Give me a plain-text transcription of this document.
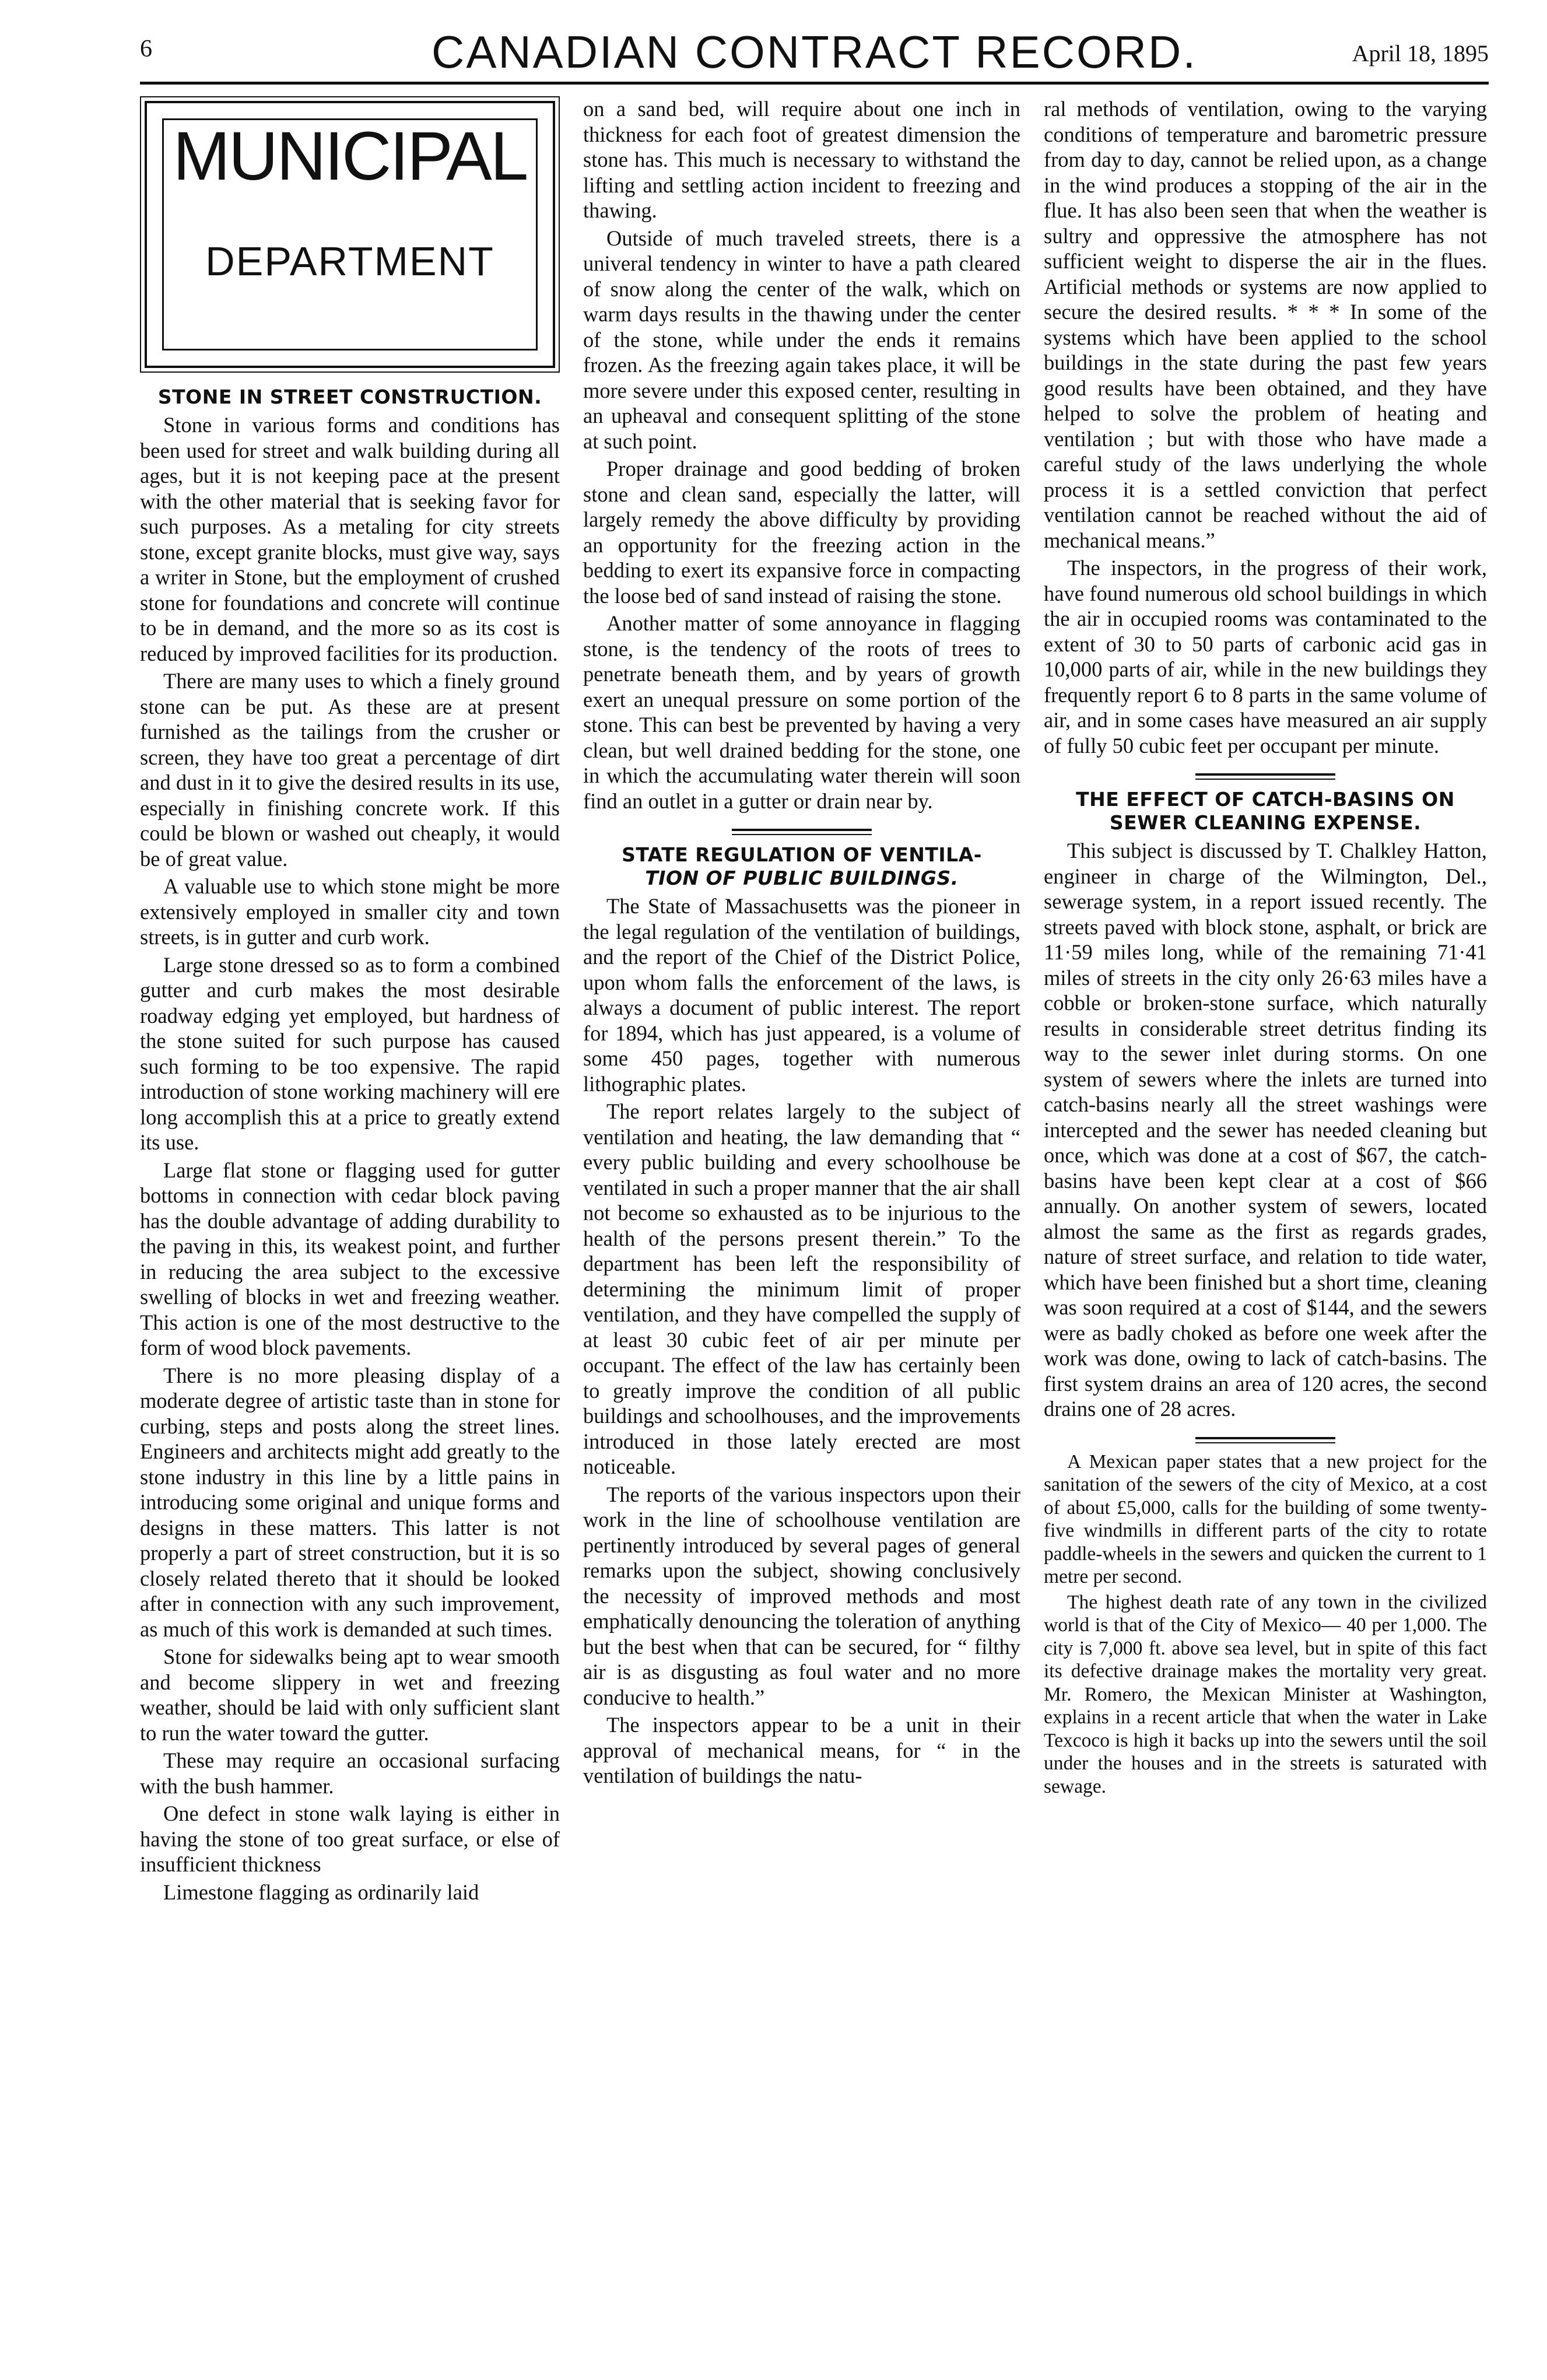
6	CANADIAN CONTRACT RECORD.	April 18, 1895
MUNICIPAL
DEPARTMENT
STONE IN STREET CONSTRUCTION.

Stone in various forms and conditions has been used for street and walk building during all ages, but it is not keeping pace at the present with the other material that is seeking favor for such purposes. As a metaling for city streets stone, except granite blocks, must give way, says a writer in Stone, but the employment of crushed stone for foundations and concrete will continue to be in demand, and the more so as its cost is reduced by improved facilities for its production.

There are many uses to which a finely ground stone can be put. As these are at present furnished as the tailings from the crusher or screen, they have too great a percentage of dirt and dust in it to give the desired results in its use, especially in finishing concrete work. If this could be blown or washed out cheaply, it would be of great value.

A valuable use to which stone might be more extensively employed in smaller city and town streets, is in gutter and curb work.

Large stone dressed so as to form a combined gutter and curb makes the most desirable roadway edging yet employed, but hardness of the stone suited for such purpose has caused such forming to be too expensive. The rapid introduction of stone working machinery will ere long accomplish this at a price to greatly extend its use.

Large flat stone or flagging used for gutter bottoms in connection with cedar block paving has the double advantage of adding durability to the paving in this, its weakest point, and further in reducing the area subject to the excessive swelling of blocks in wet and freezing weather. This action is one of the most destructive to the form of wood block pavements.

There is no more pleasing display of a moderate degree of artistic taste than in stone for curbing, steps and posts along the street lines. Engineers and architects might add greatly to the stone industry in this line by a little pains in introducing some original and unique forms and designs in these matters. This latter is not properly a part of street construction, but it is so closely related thereto that it should be looked after in connection with any such improvement, as much of this work is demanded at such times.

Stone for sidewalks being apt to wear smooth and become slippery in wet and freezing weather, should be laid with only sufficient slant to run the water toward the gutter.

These may require an occasional surfacing with the bush hammer.

One defect in stone walk laying is either in having the stone of too great surface, or else of insufficient thickness

Limestone flagging as ordinarily laid

on a sand bed, will require about one inch in thickness for each foot of greatest dimension the stone has. This much is necessary to withstand the lifting and settling action incident to freezing and thawing.

Outside of much traveled streets, there is a univeral tendency in winter to have a path cleared of snow along the center of the walk, which on warm days results in the thawing under the center of the stone, while under the ends it remains frozen. As the freezing again takes place, it will be more severe under this exposed center, resulting in an upheaval and consequent splitting of the stone at such point.

Proper drainage and good bedding of broken stone and clean sand, especially the latter, will largely remedy the above difficulty by providing an opportunity for the freezing action in the bedding to exert its expansive force in compacting the loose bed of sand instead of raising the stone.

Another matter of some annoyance in flagging stone, is the tendency of the roots of trees to penetrate beneath them, and by years of growth exert an unequal pressure on some portion of the stone. This can best be prevented by having a very clean, but well drained bedding for the stone, one in which the accumulating water therein will soon find an outlet in a gutter or drain near by.

STATE REGULATION OF VENTILA-
TION OF PUBLIC BUILDINGS.

The State of Massachusetts was the pioneer in the legal regulation of the ventilation of buildings, and the report of the Chief of the District Police, upon whom falls the enforcement of the laws, is always a document of public interest. The report for 1894, which has just appeared, is a volume of some 450 pages, together with numerous lithographic plates.

The report relates largely to the subject of ventilation and heating, the law demanding that “ every public building and every schoolhouse be ventilated in such a proper manner that the air shall not become so exhausted as to be injurious to the health of the persons present therein.” To the department has been left the responsibility of determining the minimum limit of proper ventilation, and they have compelled the supply of at least 30 cubic feet of air per minute per occupant. The effect of the law has certainly been to greatly improve the condition of all public buildings and schoolhouses, and the improvements introduced in those lately erected are most noticeable.

The reports of the various inspectors upon their work in the line of schoolhouse ventilation are pertinently introduced by several pages of general remarks upon the subject, showing conclusively the necessity of improved methods and most emphatically denouncing the toleration of anything but the best when that can be secured, for “ filthy air is as disgusting as foul water and no more conducive to health.”

The inspectors appear to be a unit in their approval of mechanical means, for “ in the ventilation of buildings the natu-

ral methods of ventilation, owing to the varying conditions of temperature and barometric pressure from day to day, cannot be relied upon, as a change in the wind produces a stopping of the air in the flue. It has also been seen that when the weather is sultry and oppressive the atmosphere has not sufficient weight to disperse the air in the flues. Artificial methods or systems are now applied to secure the desired results. * * * In some of the systems which have been applied to the school buildings in the state during the past few years good results have been obtained, and they have helped to solve the problem of heating and ventilation ; but with those who have made a careful study of the laws underlying the whole process it is a settled conviction that perfect ventilation cannot be reached without the aid of mechanical means.”

The inspectors, in the progress of their work, have found numerous old school buildings in which the air in occupied rooms was contaminated to the extent of 30 to 50 parts of carbonic acid gas in 10,000 parts of air, while in the new buildings they frequently report 6 to 8 parts in the same volume of air, and in some cases have measured an air supply of fully 50 cubic feet per occupant per minute.

THE EFFECT OF CATCH-BASINS ON
SEWER CLEANING EXPENSE.

This subject is discussed by T. Chalkley Hatton, engineer in charge of the Wilmington, Del., sewerage system, in a report issued recently. The streets paved with block stone, asphalt, or brick are 11·59 miles long, while of the remaining 71·41 miles of streets in the city only 26·63 miles have a cobble or broken-stone surface, which naturally results in considerable street detritus finding its way to the sewer inlet during storms. On one system of sewers where the inlets are turned into catch-basins nearly all the street washings were intercepted and the sewer has needed cleaning but once, which was done at a cost of $67, the catch-basins have been kept clear at a cost of $66 annually. On another system of sewers, located almost the same as the first as regards grades, nature of street surface, and relation to tide water, which have been finished but a short time, cleaning was soon required at a cost of $144, and the sewers were as badly choked as before one week after the work was done, owing to lack of catch-basins. The first system drains an area of 120 acres, the second drains one of 28 acres.

A Mexican paper states that a new project for the sanitation of the sewers of the city of Mexico, at a cost of about £5,000, calls for the building of some twenty-five windmills in different parts of the city to rotate paddle-wheels in the sewers and quicken the current to 1 metre per second.

The highest death rate of any town in the civilized world is that of the City of Mexico— 40 per 1,000. The city is 7,000 ft. above sea level, but in spite of this fact its defective drainage makes the mortality very great. Mr. Romero, the Mexican Minister at Washington, explains in a recent article that when the water in Lake Texcoco is high it backs up into the sewers until the soil under the houses and in the streets is saturated with sewage.
